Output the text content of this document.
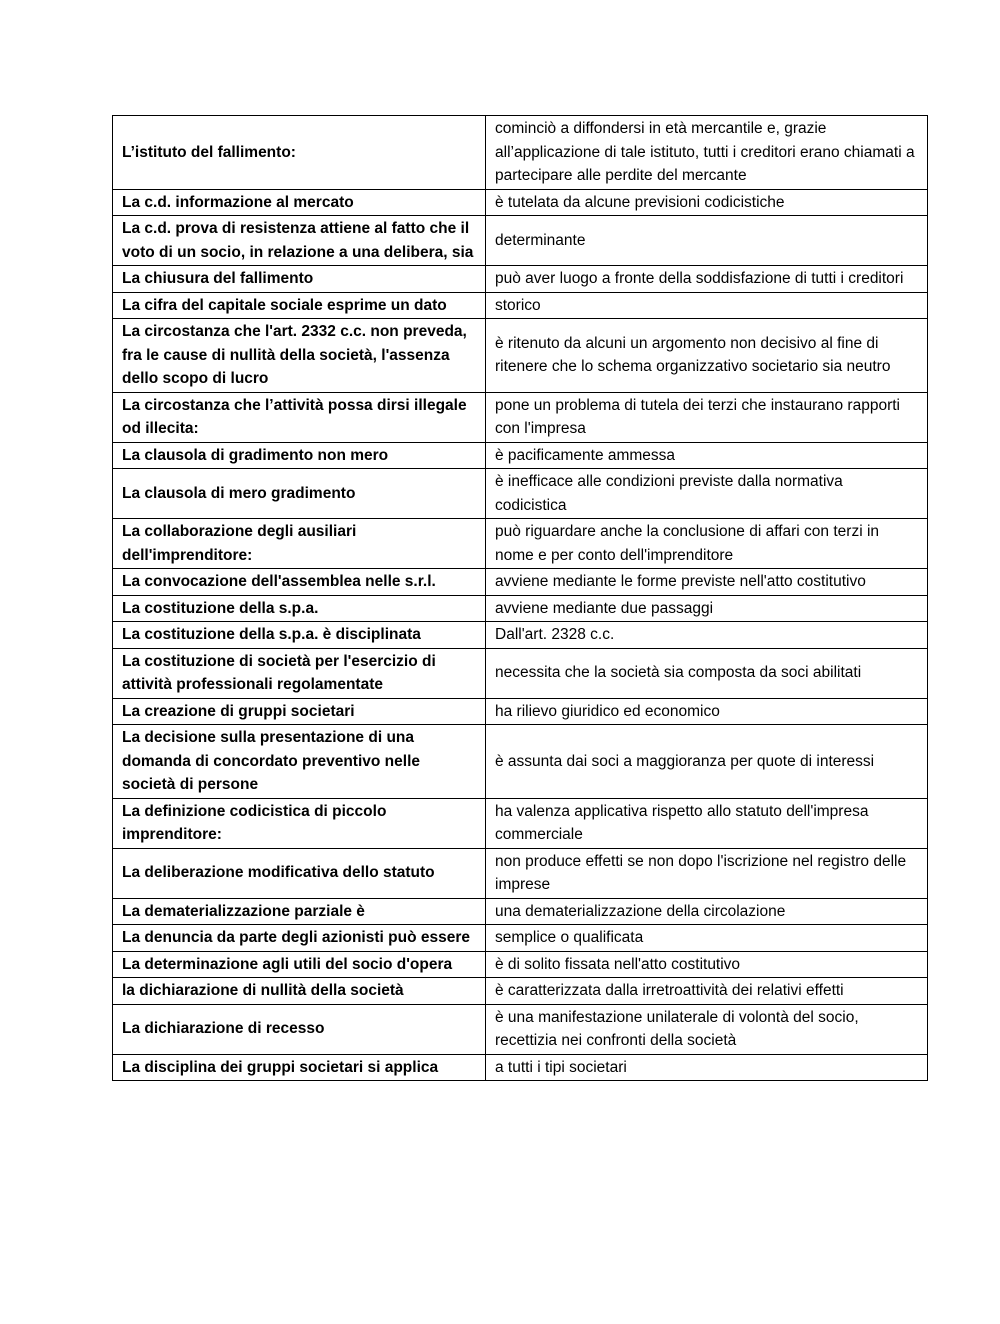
L’istituto del fallimento:	cominciò a diffondersi in età mercantile e, grazie all’applicazione di tale istituto, tutti i creditori erano chiamati a partecipare alle perdite del mercante
La c.d. informazione al mercato	è tutelata da alcune previsioni codicistiche
La c.d. prova di resistenza attiene al fatto che il voto di un socio, in relazione a una delibera, sia	determinante
La chiusura del fallimento	può aver luogo a fronte della soddisfazione di tutti i creditori
La cifra del capitale sociale esprime un dato	storico
La circostanza che l'art. 2332 c.c. non preveda, fra le cause di nullità della società, l'assenza dello scopo di lucro	è ritenuto da alcuni un argomento non decisivo al fine di ritenere che lo schema organizzativo societario sia neutro
La circostanza che l’attività possa dirsi illegale od illecita:	pone un problema di tutela dei terzi che instaurano rapporti con l'impresa
La clausola di gradimento non mero	è pacificamente ammessa
La clausola di mero gradimento	è inefficace alle condizioni previste dalla normativa codicistica
La collaborazione degli ausiliari dell'imprenditore:	può riguardare anche la conclusione di affari con terzi in nome e per conto dell'imprenditore
La convocazione dell'assemblea nelle s.r.l.	avviene mediante le forme previste nell'atto costitutivo
La costituzione della s.p.a.	avviene mediante due passaggi
La costituzione della s.p.a. è disciplinata	Dall'art. 2328 c.c.
La costituzione di società per l'esercizio di attività professionali regolamentate	necessita che la società sia composta da soci abilitati
La creazione di gruppi societari	ha rilievo giuridico ed economico
La decisione sulla presentazione di una domanda di concordato preventivo nelle società di persone	è assunta dai soci a maggioranza per quote di interessi
La definizione codicistica di piccolo imprenditore:	ha valenza applicativa rispetto allo statuto dell'impresa commerciale
La deliberazione modificativa dello statuto	non produce effetti se non dopo l'iscrizione nel registro delle imprese
La dematerializzazione parziale è	una dematerializzazione della circolazione
La denuncia da parte degli azionisti può essere	semplice o qualificata
La determinazione agli utili del socio d'opera	è di solito fissata nell'atto costitutivo
la dichiarazione di nullità della società	è caratterizzata dalla irretroattività dei relativi effetti
La dichiarazione di recesso	è una manifestazione unilaterale di volontà del socio, recettizia nei confronti della società
La disciplina dei gruppi societari si applica	a tutti i tipi societari
